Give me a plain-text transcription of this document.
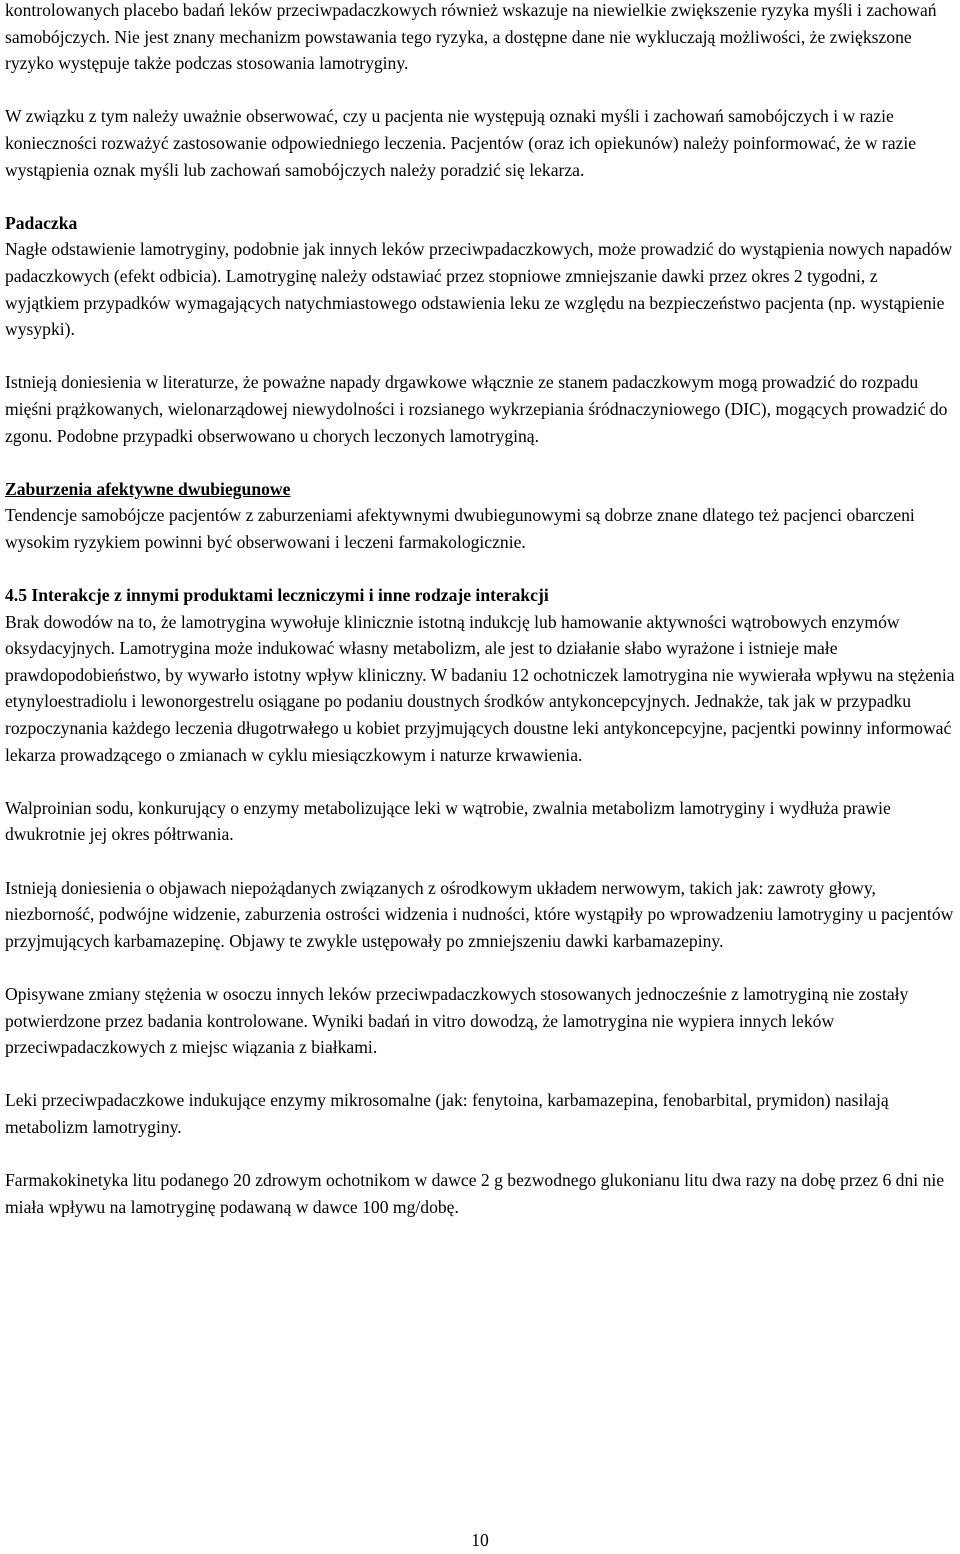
kontrolowanych placebo badań leków przeciwpadaczkowych również wskazuje na niewielkie zwiększenie ryzyka myśli i zachowań samobójczych. Nie jest znany mechanizm powstawania tego ryzyka, a dostępne dane nie wykluczają możliwości, że zwiększone ryzyko występuje także podczas stosowania lamotryginy.

W związku z tym należy uważnie obserwować, czy u pacjenta nie występują oznaki myśli i zachowań samobójczych i w razie konieczności rozważyć zastosowanie odpowiedniego leczenia. Pacjentów (oraz ich opiekunów) należy poinformować, że w razie wystąpienia oznak myśli lub zachowań samobójczych należy poradzić się lekarza.

Padaczka
Nagłe odstawienie lamotryginy, podobnie jak innych leków przeciwpadaczkowych, może prowadzić do wystąpienia nowych napadów padaczkowych (efekt odbicia). Lamotryginę należy odstawiać przez stopniowe zmniejszanie dawki przez okres 2 tygodni, z wyjątkiem przypadków wymagających natychmiastowego odstawienia leku ze względu na bezpieczeństwo pacjenta (np. wystąpienie wysypki).

Istnieją doniesienia w literaturze, że poważne napady drgawkowe włącznie ze stanem padaczkowym mogą prowadzić do rozpadu mięśni prążkowanych, wielonarządowej niewydolności i rozsianego wykrzepiania śródnaczyniowego (DIC), mogących prowadzić do zgonu. Podobne przypadki obserwowano u chorych leczonych lamotryginą.

Zaburzenia afektywne dwubiegunowe
Tendencje samobójcze pacjentów z zaburzeniami afektywnymi dwubiegunowymi są dobrze znane dlatego też pacjenci obarczeni wysokim ryzykiem powinni być obserwowani i leczeni farmakologicznie.

4.5 Interakcje z innymi produktami leczniczymi i inne rodzaje interakcji
Brak dowodów na to, że lamotrygina wywołuje klinicznie istotną indukcję lub hamowanie aktywności wątrobowych enzymów oksydacyjnych. Lamotrygina może indukować własny metabolizm, ale jest to działanie słabo wyrażone i istnieje małe prawdopodobieństwo, by wywarło istotny wpływ kliniczny. W badaniu 12 ochotniczek lamotrygina nie wywierała wpływu na stężenia etynyloestradiolu i lewonorgestrelu osiągane po podaniu doustnych środków antykoncepcyjnych. Jednakże, tak jak w przypadku rozpoczynania każdego leczenia długotrwałego u kobiet przyjmujących doustne leki antykoncepcyjne, pacjentki powinny informować lekarza prowadzącego o zmianach w cyklu miesiączkowym i naturze krwawienia.

Walproinian sodu, konkurujący o enzymy metabolizujące leki w wątrobie, zwalnia metabolizm lamotryginy i wydłuża prawie dwukrotnie jej okres półtrwania.

Istnieją doniesienia o objawach niepożądanych związanych z ośrodkowym układem nerwowym, takich jak: zawroty głowy, niezborność, podwójne widzenie, zaburzenia ostrości widzenia i nudności, które wystąpiły po wprowadzeniu lamotryginy u pacjentów przyjmujących karbamazepinę. Objawy te zwykle ustępowały po zmniejszeniu dawki karbamazepiny.

Opisywane zmiany stężenia w osoczu innych leków przeciwpadaczkowych stosowanych jednocześnie z lamotryginą nie zostały potwierdzone przez badania kontrolowane. Wyniki badań in vitro dowodzą, że lamotrygina nie wypiera innych leków przeciwpadaczkowych z miejsc wiązania z białkami.

Leki przeciwpadaczkowe indukujące enzymy mikrosomalne (jak: fenytoina, karbamazepina, fenobarbital, prymidon) nasilają metabolizm lamotryginy.

Farmakokinetyka litu podanego 20 zdrowym ochotnikom w dawce 2 g bezwodnego glukonianu litu dwa razy na dobę przez 6 dni nie miała wpływu na lamotryginę podawaną w dawce 100 mg/dobę.

10
